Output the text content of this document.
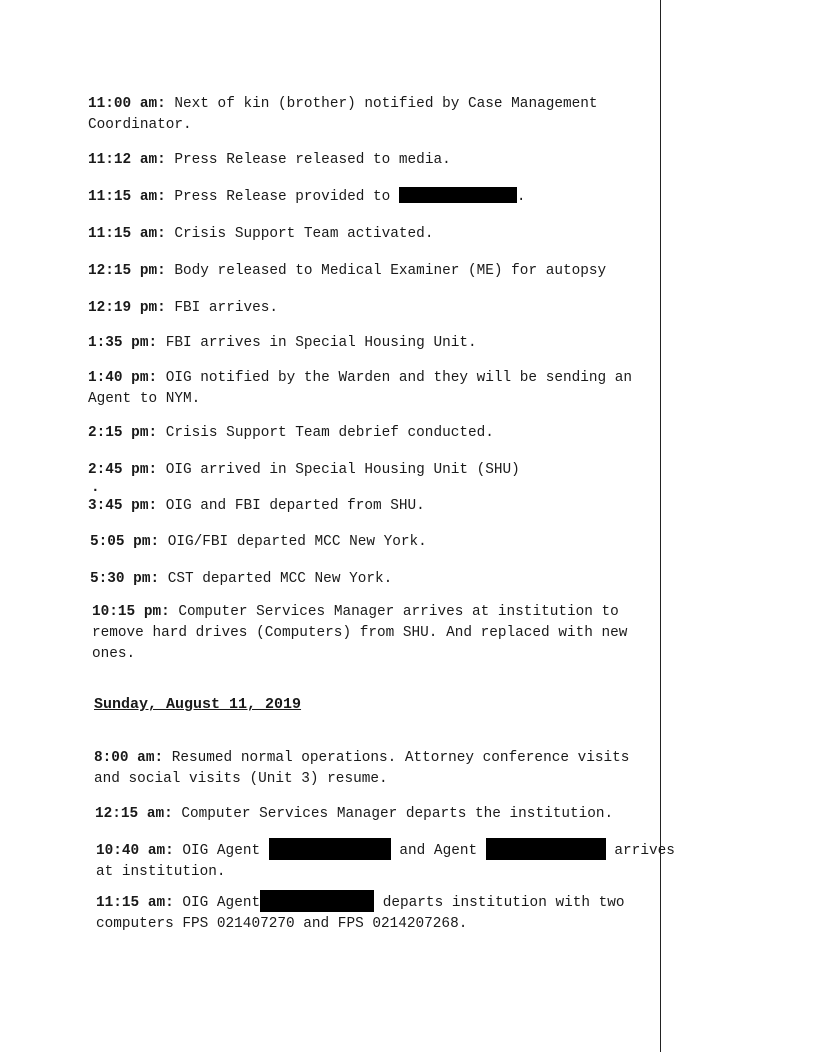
11:00 am: Next of kin (brother) notified by Case Management
Coordinator.
11:12 am: Press Release released to media.
11:15 am: Press Release provided to	.
11:15 am: Crisis Support Team activated.
12:15 pm: Body released to Medical Examiner (ME) for autopsy
12:19 pm: FBI arrives.
1:35 pm: FBI arrives in Special Housing Unit.
1:40 pm: OIG notified by the Warden and they will be sending an
Agent to NYM.
2:15 pm: Crisis Support Team debrief conducted.
2:45 pm: OIG arrived in Special Housing Unit (SHU)
.
3:45 pm: OIG and FBI departed from SHU.
5:05 pm: OIG/FBI departed MCC New York.
5:30 pm: CST departed MCC New York.
10:15 pm: Computer Services Manager arrives at institution to
remove hard drives (Computers) from SHU. And replaced with new
ones.
Sunday, August 11, 2019
8:00 am: Resumed normal operations. Attorney conference visits
and social visits (Unit 3) resume.
12:15 am: Computer Services Manager departs the institution.
10:40 am: OIG Agent	and Agent	arrives
at institution.
11:15 am: OIG Agent	departs institution with two
computers FPS 021407270 and FPS 0214207268.
